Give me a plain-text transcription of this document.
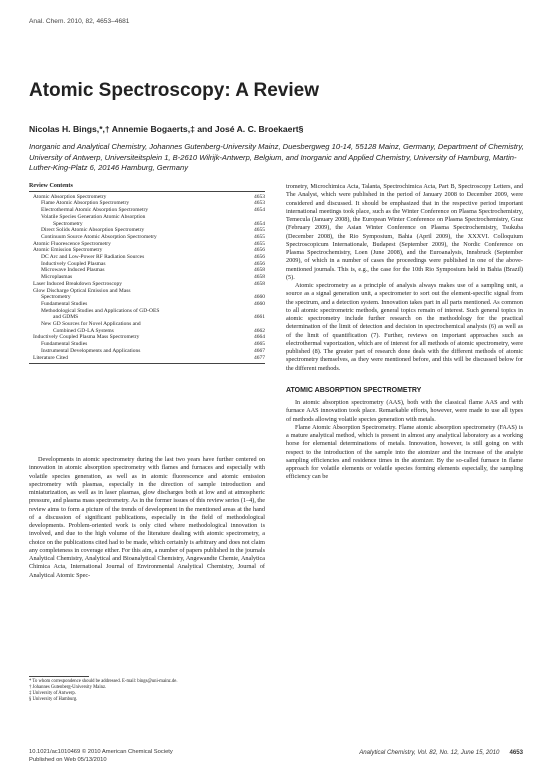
Anal. Chem. 2010, 82, 4653–4681
Atomic Spectroscopy: A Review
Nicolas H. Bings,*,† Annemie Bogaerts,‡ and José A. C. Broekaert§
Inorganic and Analytical Chemistry, Johannes Gutenberg-University Mainz, Duesbergweg 10-14, 55128 Mainz, Germany, Department of Chemistry, University of Antwerp, Universiteitsplein 1, B-2610 Wilrijk-Antwerp, Belgium, and Inorganic and Applied Chemistry, University of Hamburg, Martin-Luther-King-Platz 6, 20146 Hamburg, Germany
Review Contents
Atomic Absorption Spectrometry	4653
Flame Atomic Absorption Spectrometry	4653
Electrothermal Atomic Absorption Spectrometry	4654
Volatile Species Generation Atomic Absorption
Spectrometry	4654
Direct Solids Atomic Absorption Spectrometry	4655
Continuum Source Atomic Absorption Spectrometry	4655
Atomic Fluorescence Spectrometry	4655
Atomic Emission Spectrometry	4656
DC Arc and Low-Power RF Radiation Sources	4656
Inductively Coupled Plasmas	4656
Microwave Induced Plasmas	4658
Microplasmas	4658
Laser Induced Breakdown Spectroscopy	4658
Glow Discharge Optical Emission and Mass
Spectrometry	4660
Fundamental Studies	4660
Methodological Studies and Applications of GD-OES
and GDMS	4661
New GD Sources for Novel Applications and
Combined GD-LA Systems	4662
Inductively Coupled Plasma Mass Spectrometry	4664
Fundamental Studies	4665
Instrumental Developments and Applications	4667
Literature Cited	4677

Developments in atomic spectrometry during the last two years have further centered on innovation in atomic absorption spectrometry with flames and furnaces and especially with volatile species generation, as well as in atomic fluorescence and atomic emission spectrometry with plasmas, especially in the direction of sample introduction and miniaturization, as well as in laser plasmas, glow discharges both at low and at atmospheric pressure, and plasma mass spectrometry. As in the former issues of this review series (1–4), the review aims to form a picture of the trends of development in the mentioned areas at the hand of a discussion of significant publications, especially in the field of methodological developments. Problem-oriented work is only cited where methodological innovation is involved, and due to the high volume of the literature dealing with atomic spectrometry, a choice on the publications cited had to be made, which certainly is arbitrary and does not claim any completeness in coverage either. For this aim, a number of papers published in the journals Analytical Chemistry, Analytical and Bioanalytical Chemistry, Angewandte Chemie, Analytica Chimica Acta, International Journal of Environmental Analytical Chemistry, Journal of Analytical Atomic Spec-

* To whom correspondence should be addressed. E-mail: bings@uni-mainz.de.
† Johannes Gutenberg-University Mainz.
‡ University of Antwerp.
§ University of Hamburg.

trometry, Microchimica Acta, Talanta, Spectrochimica Acta, Part B, Spectroscopy Letters, and The Analyst, which were published in the period of January 2008 to December 2009, were considered and discussed. It should be emphasized that in the respective period important international meetings took place, such as the Winter Conference on Plasma Spectrochemistry, Temecula (January 2008), the European Winter Conference on Plasma Spectrochemistry, Graz (February 2009), the Asian Winter Conference on Plasma Spectrochemistry, Tsukuba (December 2008), the Rio Symposium, Bahia (April 2009), the XXXVI. Colloquium Spectroscopicum Internationale, Budapest (September 2009), the Nordic Conference on Plasma Spectrochemistry, Loen (June 2008), and the Euroanalysis, Innsbruck (September 2009), of which in a number of cases the proceedings were published in one of the above-mentioned journals. This is, e.g., the case for the 10th Rio Symposium held in Bahia (Brazil) (5).

Atomic spectrometry as a principle of analysis always makes use of a sampling unit, a source as a signal generation unit, a spectrometer to sort out the element-specific signal from the spectrum, and a detection system. Innovation takes part in all parts mentioned. As common to all atomic spectrometric methods, general topics remain of interest. Such general topics in atomic spectrometry include further research on the methodology for the practical determination of the limit of detection and decision in spectrochemical analysis (6) as well as of the limit of quantification (7). Further, reviews on important approaches such as electrothermal vaporization, which are of interest for all methods of atomic spectrometry, were published (8). The greater part of research done deals with the different methods of atomic spectrometry themselves, as they were mentioned before, and this will be discussed below for the different methods.

ATOMIC ABSORPTION SPECTROMETRY

In atomic absorption spectrometry (AAS), both with the classical flame AAS and with furnace AAS innovation took place. Remarkable efforts, however, were made to use all types of methods allowing volatile species generation with metals.

Flame Atomic Absorption Spectrometry. Flame atomic absorption spectrometry (FAAS) is a mature analytical method, which is present in almost any analytical laboratory as a working horse for elemental determinations of metals. Innovation, however, is still going on with respect to the introduction of the sample into the atomizer and the increase of the analyte sampling efficiencies and residence times in the atomizer. By the so-called furnace in flame approach for volatile elements or volatile species forming elements especially, the sampling efficiency can be

10.1021/ac1010469 © 2010 American Chemical Society
Published on Web 05/13/2010
Analytical Chemistry, Vol. 82, No. 12, June 15, 2010 4653
